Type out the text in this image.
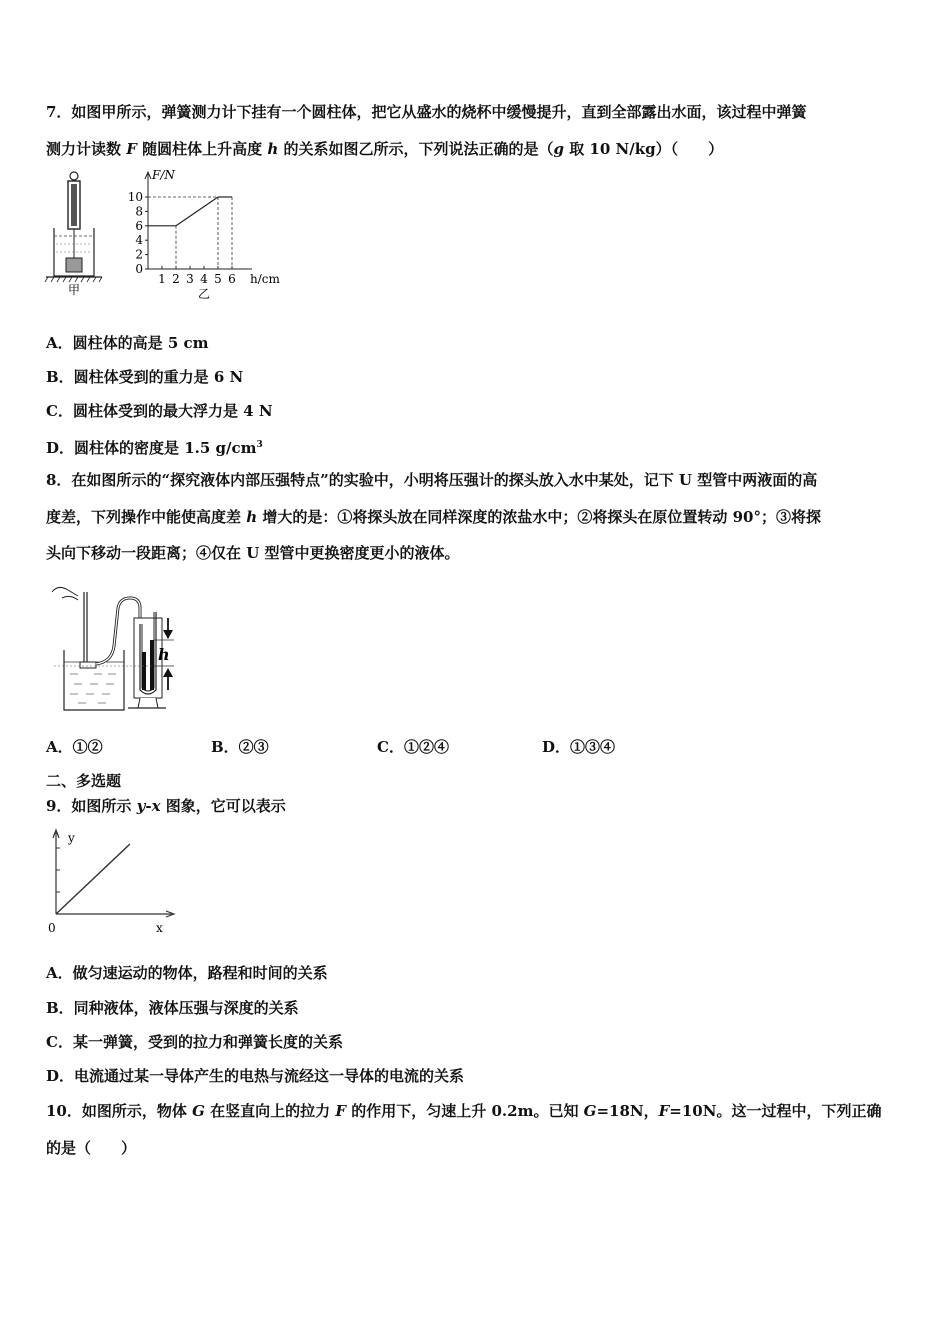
7．如图甲所示，弹簧测力计下挂有一个圆柱体，把它从盛水的烧杯中缓慢提升，直到全部露出水面，该过程中弹簧
测力计读数 F 随圆柱体上升高度 h 的关系如图乙所示，下列说法正确的是（g 取 10 N/kg）（　　）
甲
F/N
h/cm
0
2
4
6
8
10
1 2 3 4 5 6
乙
A．圆柱体的高是 5 cm
B．圆柱体受到的重力是 6 N
C．圆柱体受到的最大浮力是 4 N
D．圆柱体的密度是 1.5 $g/cm^3$
8．在如图所示的“探究液体内部压强特点”的实验中，小明将压强计的探头放入水中某处，记下 U 型管中两液面的高
度差，下列操作中能使高度差 h 增大的是：①将探头放在同样深度的浓盐水中；②将探头在原位置转动 90°；③将探
头向下移动一段距离；④仅在 U 型管中更换密度更小的液体。
h
A．①②	B．②③	C．①②④	D．①③④
二、多选题
9．如图所示 y-x 图象，它可以表示
y
x
0
A．做匀速运动的物体，路程和时间的关系
B．同种液体，液体压强与深度的关系
C．某一弹簧，受到的拉力和弹簧长度的关系
D．电流通过某一导体产生的电热与流经这一导体的电流的关系
10．如图所示，物体 G 在竖直向上的拉力 F 的作用下，匀速上升 0.2m。已知 G=18N，F=10N。这一过程中，下列正确
的是（　　）
